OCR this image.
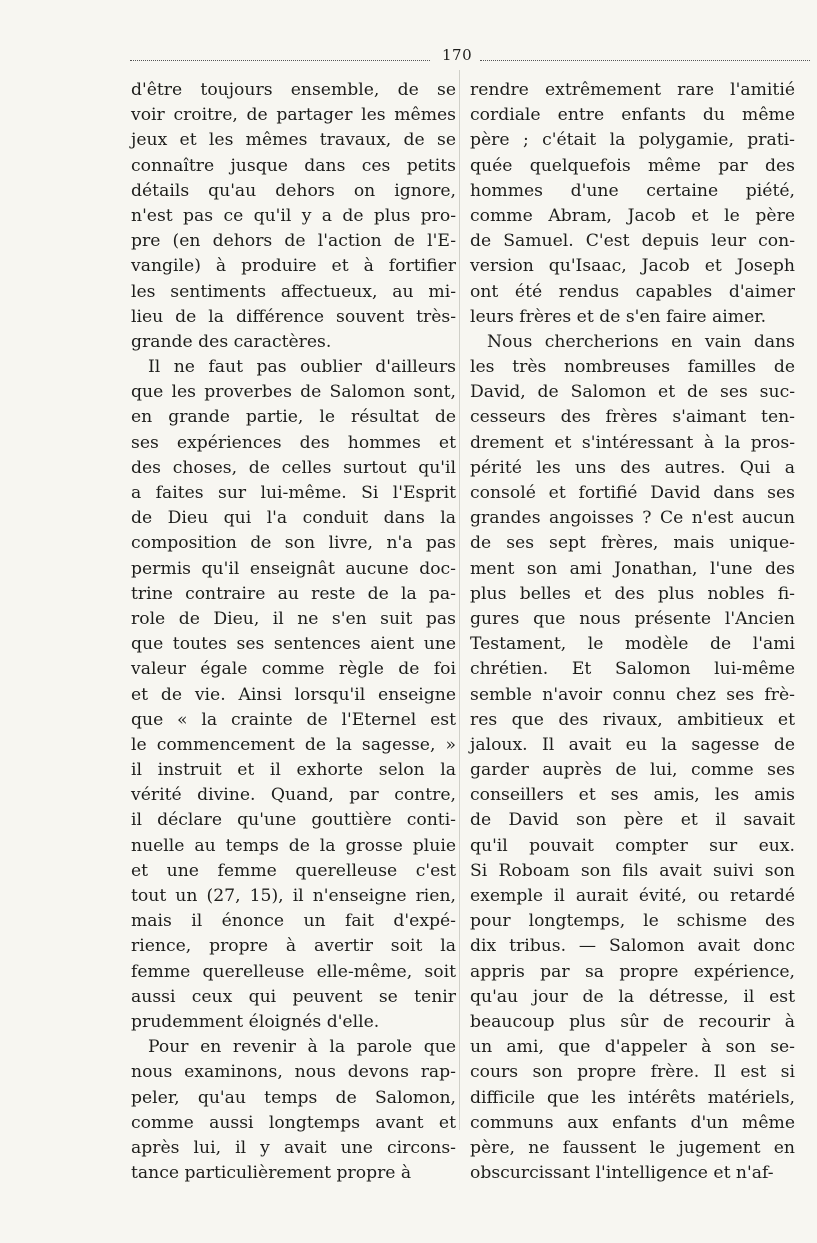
170
d'être toujours ensemble, de se
voir croitre, de partager les mêmes
jeux et les mêmes travaux, de se
connaître jusque dans ces petits
détails qu'au dehors on ignore,
n'est pas ce qu'il y a de plus pro-
pre (en dehors de l'action de l'E-
vangile) à produire et à fortifier
les sentiments affectueux, au mi-
lieu de la différence souvent très-
grande des caractères.
Il ne faut pas oublier d'ailleurs
que les proverbes de Salomon sont,
en grande partie, le résultat de
ses expériences des hommes et
des choses, de celles surtout qu'il
a faites sur lui-même. Si l'Esprit
de Dieu qui l'a conduit dans la
composition de son livre, n'a pas
permis qu'il enseignât aucune doc-
trine contraire au reste de la pa-
role de Dieu, il ne s'en suit pas
que toutes ses sentences aient une
valeur égale comme règle de foi
et de vie. Ainsi lorsqu'il enseigne
que « la crainte de l'Eternel est
le commencement de la sagesse, »
il instruit et il exhorte selon la
vérité divine. Quand, par contre,
il déclare qu'une gouttière conti-
nuelle au temps de la grosse pluie
et une femme querelleuse c'est
tout un (27, 15), il n'enseigne rien,
mais il énonce un fait d'expé-
rience, propre à avertir soit la
femme querelleuse elle-même, soit
aussi ceux qui peuvent se tenir
prudemment éloignés d'elle.
Pour en revenir à la parole que
nous examinons, nous devons rap-
peler, qu'au temps de Salomon,
comme aussi longtemps avant et
après lui, il y avait une circons-
tance particulièrement propre à
rendre extrêmement rare l'amitié
cordiale entre enfants du même
père ; c'était la polygamie, prati-
quée quelquefois même par des
hommes d'une certaine piété,
comme Abram, Jacob et le père
de Samuel. C'est depuis leur con-
version qu'Isaac, Jacob et Joseph
ont été rendus capables d'aimer
leurs frères et de s'en faire aimer.
Nous chercherions en vain dans
les très nombreuses familles de
David, de Salomon et de ses suc-
cesseurs des frères s'aimant ten-
drement et s'intéressant à la pros-
périté les uns des autres. Qui a
consolé et fortifié David dans ses
grandes angoisses ? Ce n'est aucun
de ses sept frères, mais unique-
ment son ami Jonathan, l'une des
plus belles et des plus nobles fi-
gures que nous présente l'Ancien
Testament, le modèle de l'ami
chrétien. Et Salomon lui-même
semble n'avoir connu chez ses frè-
res que des rivaux, ambitieux et
jaloux. Il avait eu la sagesse de
garder auprès de lui, comme ses
conseillers et ses amis, les amis
de David son père et il savait
qu'il pouvait compter sur eux.
Si Roboam son fils avait suivi son
exemple il aurait évité, ou retardé
pour longtemps, le schisme des
dix tribus. — Salomon avait donc
appris par sa propre expérience,
qu'au jour de la détresse, il est
beaucoup plus sûr de recourir à
un ami, que d'appeler à son se-
cours son propre frère. Il est si
difficile que les intérêts matériels,
communs aux enfants d'un même
père, ne faussent le jugement en
obscurcissant l'intelligence et n'af-
